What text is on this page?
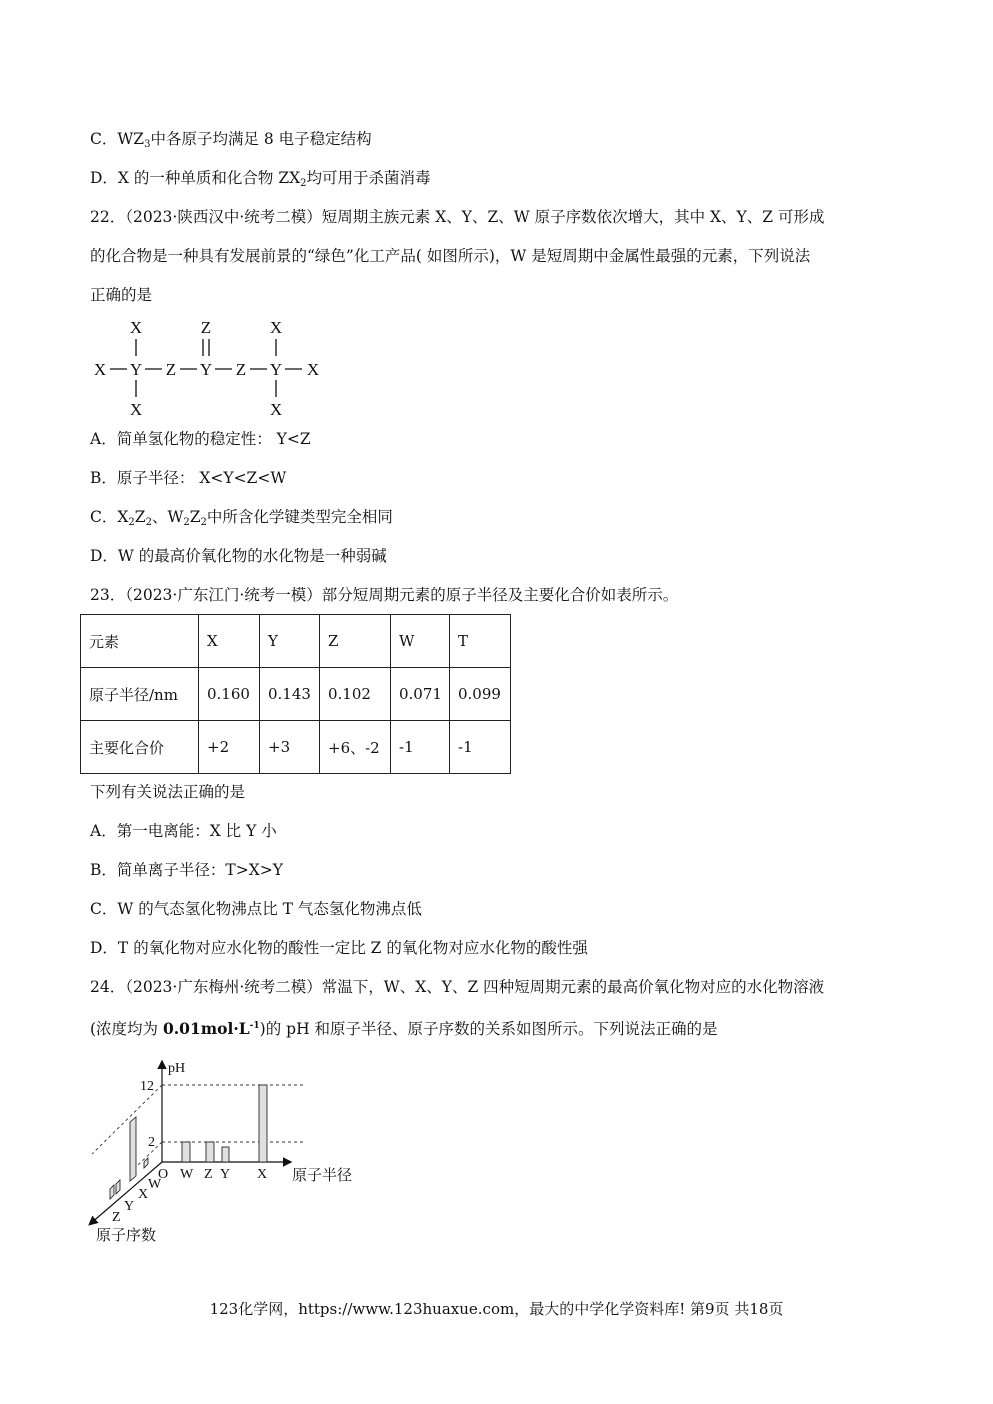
C．$WZ_3$中各原子均满足 8 电子稳定结构
D．X 的一种单质和化合物 $ZX_2$均可用于杀菌消毒
22．（2023·陕西汉中·统考二模）短周期主族元素 X、Y、Z、W 原子序数依次增大，其中 X、Y、Z 可形成
的化合物是一种具有发展前景的“绿色”化工产品( 如图所示)，W 是短周期中金属性最强的元素，下列说法
正确的是
X	Z	X
X Y Z Y Z Y X
X	X
A．简单氢化物的稳定性： Y<Z
B．原子半径： X<Y<Z<W
C．$X_2Z_2$、$W_2Z_2$中所含化学键类型完全相同
D．W 的最高价氧化物的水化物是一种弱碱
23．（2023·广东江门·统考一模）部分短周期元素的原子半径及主要化合价如表所示。
元素	X	Y	Z	W	T
原子半径/nm	0.160	0.143	0.102	0.071	0.099
主要化合价	+2	+3	+6、-2	-1	-1
下列有关说法正确的是
A．第一电离能：X 比 Y 小
B．简单离子半径：T>X>Y
C．W 的气态氢化物沸点比 T 气态氢化物沸点低
D．T 的氧化物对应水化物的酸性一定比 Z 的氧化物对应水化物的酸性强
24．（2023·广东梅州·统考二模）常温下，W、X、Y、Z 四种短周期元素的最高价氧化物对应的水化物溶液
(浓度均为 $0.01mol\cdot L^{-1}$)的 pH 和原子半径、原子序数的关系如图所示。下列说法正确的是
pH
12
2
O W Z Y X 原子半径
Z
Y
X
W
原子序数
123化学网，https://www.123huaxue.com，最大的中学化学资料库! 第9页 共18页
